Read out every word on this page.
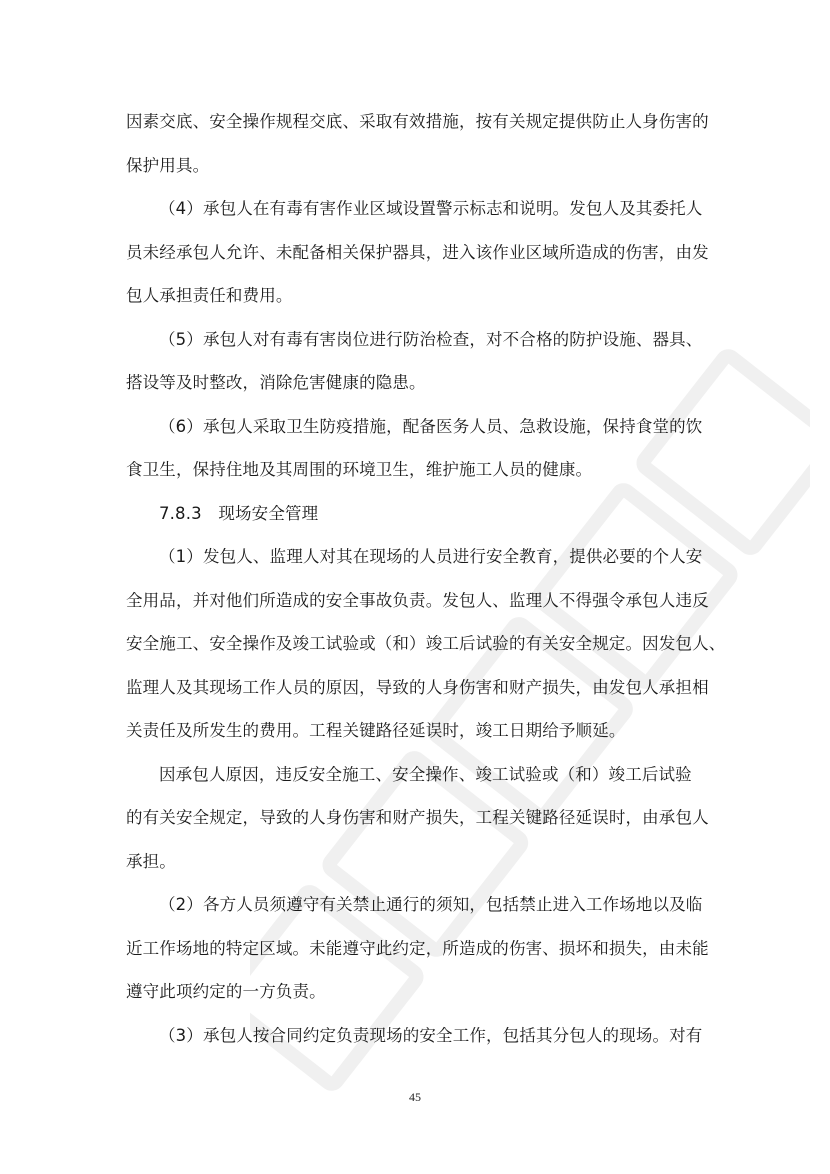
因素交底、安全操作规程交底、采取有效措施，按有关规定提供防止人身伤害的
保护用具。
（4）承包人在有毒有害作业区域设置警示标志和说明。发包人及其委托人
员未经承包人允许、未配备相关保护器具，进入该作业区域所造成的伤害，由发
包人承担责任和费用。
（5）承包人对有毒有害岗位进行防治检查，对不合格的防护设施、器具、
搭设等及时整改，消除危害健康的隐患。
（6）承包人采取卫生防疫措施，配备医务人员、急救设施，保持食堂的饮
食卫生，保持住地及其周围的环境卫生，维护施工人员的健康。
7.8.3　现场安全管理
（1）发包人、监理人对其在现场的人员进行安全教育，提供必要的个人安
全用品，并对他们所造成的安全事故负责。发包人、监理人不得强令承包人违反
安全施工、安全操作及竣工试验或（和）竣工后试验的有关安全规定。因发包人、
监理人及其现场工作人员的原因，导致的人身伤害和财产损失，由发包人承担相
关责任及所发生的费用。工程关键路径延误时，竣工日期给予顺延。
因承包人原因，违反安全施工、安全操作、竣工试验或（和）竣工后试验
的有关安全规定，导致的人身伤害和财产损失，工程关键路径延误时，由承包人
承担。
（2）各方人员须遵守有关禁止通行的须知，包括禁止进入工作场地以及临
近工作场地的特定区域。未能遵守此约定，所造成的伤害、损坏和损失，由未能
遵守此项约定的一方负责。
（3）承包人按合同约定负责现场的安全工作，包括其分包人的现场。对有
45
